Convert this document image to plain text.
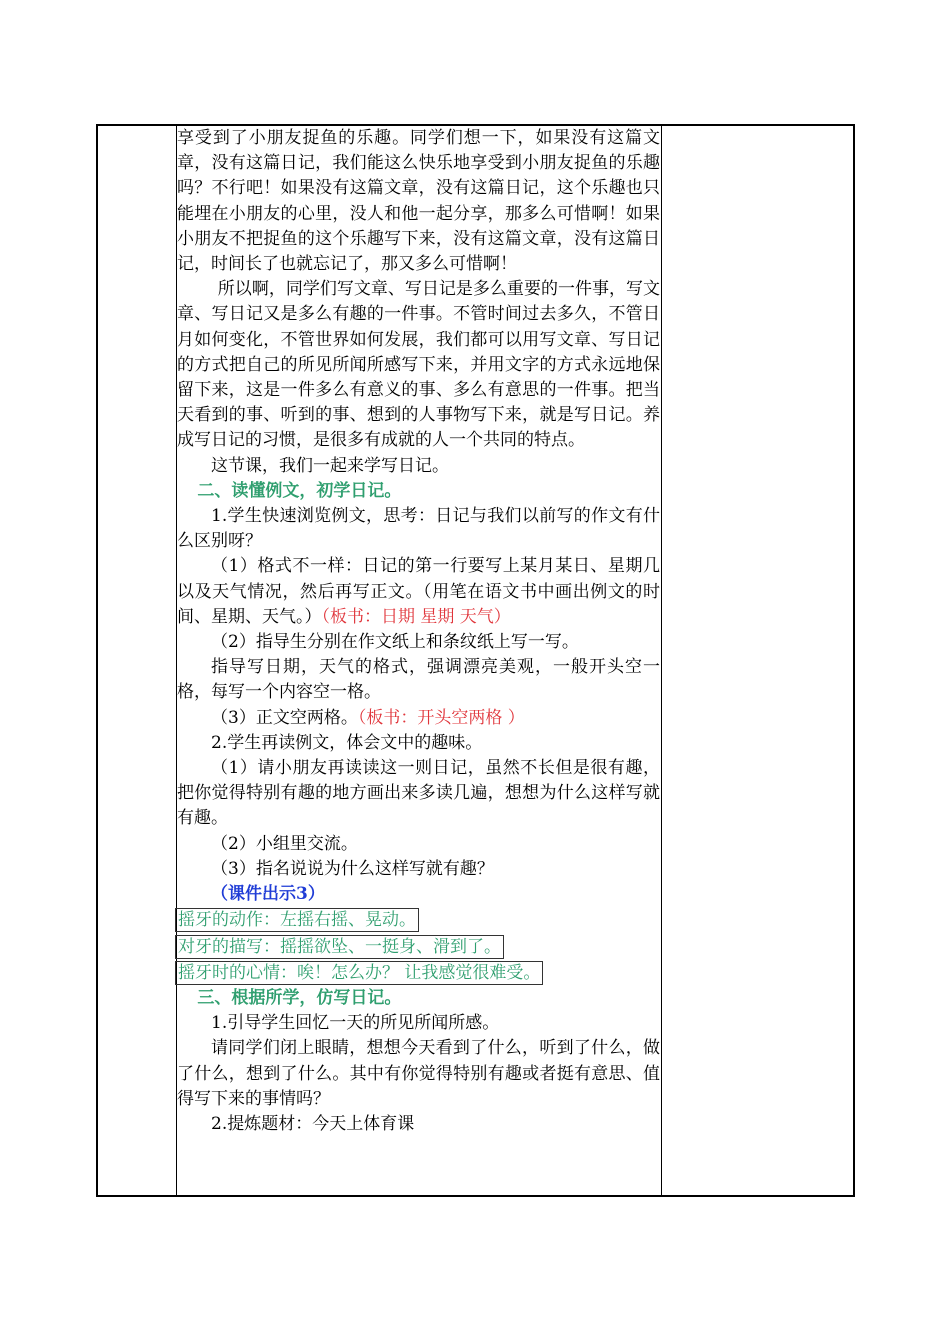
享受到了小朋友捉鱼的乐趣。同学们想一下，如果没有这篇文章，没有这篇日记，我们能这么快乐地享受到小朋友捉鱼的乐趣吗？不行吧！如果没有这篇文章，没有这篇日记，这个乐趣也只能埋在小朋友的心里，没人和他一起分享，那多么可惜啊！如果小朋友不把捉鱼的这个乐趣写下来，没有这篇文章，没有这篇日记，时间长了也就忘记了，那又多么可惜啊！

所以啊，同学们写文章、写日记是多么重要的一件事，写文章、写日记又是多么有趣的一件事。不管时间过去多久，不管日月如何变化，不管世界如何发展，我们都可以用写文章、写日记的方式把自己的所见所闻所感写下来，并用文字的方式永远地保留下来，这是一件多么有意义的事、多么有意思的一件事。把当天看到的事、听到的事、想到的人事物写下来，就是写日记。养成写日记的习惯，是很多有成就的人一个共同的特点。

这节课，我们一起来学写日记。

二、读懂例文，初学日记。

1.学生快速浏览例文，思考：日记与我们以前写的作文有什么区别呀？

（1）格式不一样：日记的第一行要写上某月某日、星期几以及天气情况，然后再写正文。（用笔在语文书中画出例文的时间、星期、天气。）（板书：日期 星期 天气）

（2）指导生分别在作文纸上和条纹纸上写一写。

指导写日期，天气的格式，强调漂亮美观，一般开头空一格，每写一个内容空一格。

（3）正文空两格。（板书：开头空两格 ）

2.学生再读例文，体会文中的趣味。

（1）请小朋友再读读这一则日记，虽然不长但是很有趣，把你觉得特别有趣的地方画出来多读几遍，想想为什么这样写就有趣。

（2）小组里交流。

（3）指名说说为什么这样写就有趣？

（课件出示3）

摇牙的动作：左摇右摇、晃动。
对牙的描写：摇摇欲坠、一挺身、滑到了。
摇牙时的心情：唉！怎么办？ 让我感觉很难受。

三、根据所学，仿写日记。

1.引导学生回忆一天的所见所闻所感。

请同学们闭上眼睛，想想今天看到了什么，听到了什么，做了什么，想到了什么。其中有你觉得特别有趣或者挺有意思、值得写下来的事情吗？

2.提炼题材：今天上体育课
